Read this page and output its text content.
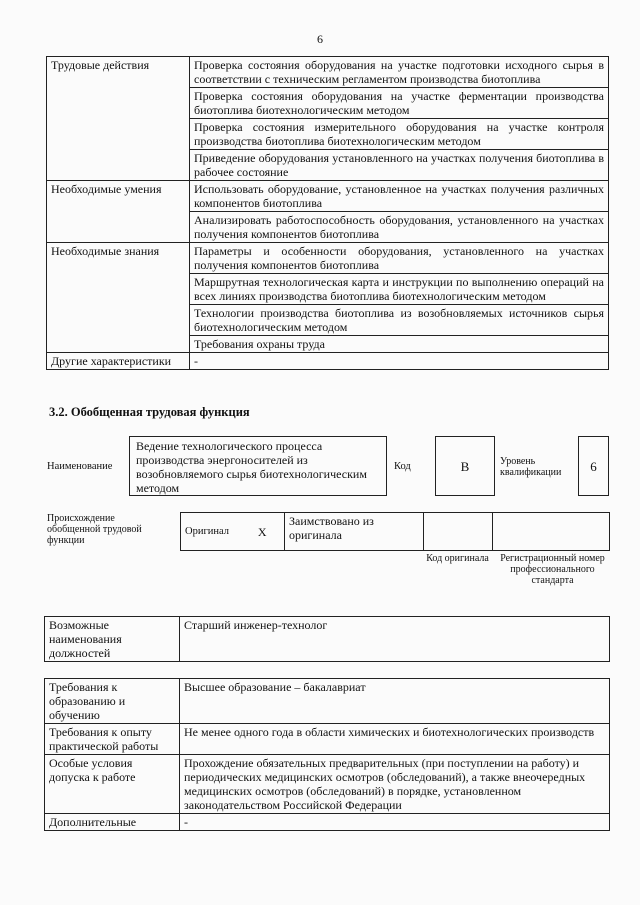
6
Трудовые действия	Проверка состояния оборудования на участке подготовки исходного сырья в соответствии с техническим регламентом производства биотоплива
	Проверка состояния оборудования на участке ферментации производства биотоплива биотехнологическим методом
	Проверка состояния измерительного оборудования на участке контроля производства биотоплива биотехнологическим методом
	Приведение оборудования установленного на участках получения биотоплива в рабочее состояние
Необходимые умения	Использовать оборудование, установленное на участках получения различных компонентов биотоплива
	Анализировать работоспособность оборудования, установленного на участках получения компонентов биотоплива
Необходимые знания	Параметры и особенности оборудования, установленного на участках получения компонентов биотоплива
	Маршрутная технологическая карта и инструкции по выполнению операций на всех линиях производства биотоплива биотехнологическим методом
	Технологии производства биотоплива из возобновляемых источников сырья биотехнологическим методом
	Требования охраны труда
Другие характеристики	-
3.2. Обобщенная трудовая функция
Наименование
Ведение технологического процесса производства энергоносителей из возобновляемого сырья биотехнологическим методом
Код	B	Уровень квалификации	6
Происхождение обобщенной трудовой функции
Оригинал	X	Заимствовано из оригинала		
Код оригинала	Регистрационный номер профессионального стандарта
Возможные наименования должностей	Старший инженер-технолог
Требования к образованию и обучению	Высшее образование – бакалавриат
Требования к опыту практической работы	Не менее одного года в области химических и биотехнологических производств
Особые условия допуска к работе	Прохождение обязательных предварительных (при поступлении на работу) и периодических медицинских осмотров (обследований), а также внеочередных медицинских осмотров (обследований) в порядке, установленном законодательством Российской Федерации
Дополнительные	-
